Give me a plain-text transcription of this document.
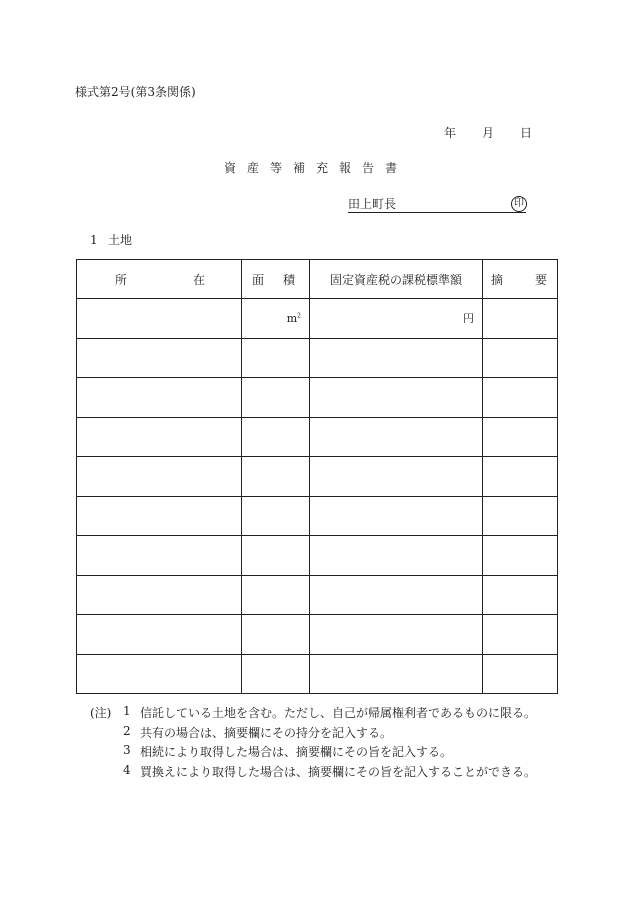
様式第2号(第3条関係)
年 月 日
資産等補充報告書
田上町長	印
1 土地
所 在	面 積	固定資産税の課税標準額	摘 要

	$m^2$	円	

(注) 1 信託している土地を含む。ただし、自己が帰属権利者であるものに限る。
2 共有の場合は、摘要欄にその持分を記入する。
3 相続により取得した場合は、摘要欄にその旨を記入する。
4 買換えにより取得した場合は、摘要欄にその旨を記入することができる。
